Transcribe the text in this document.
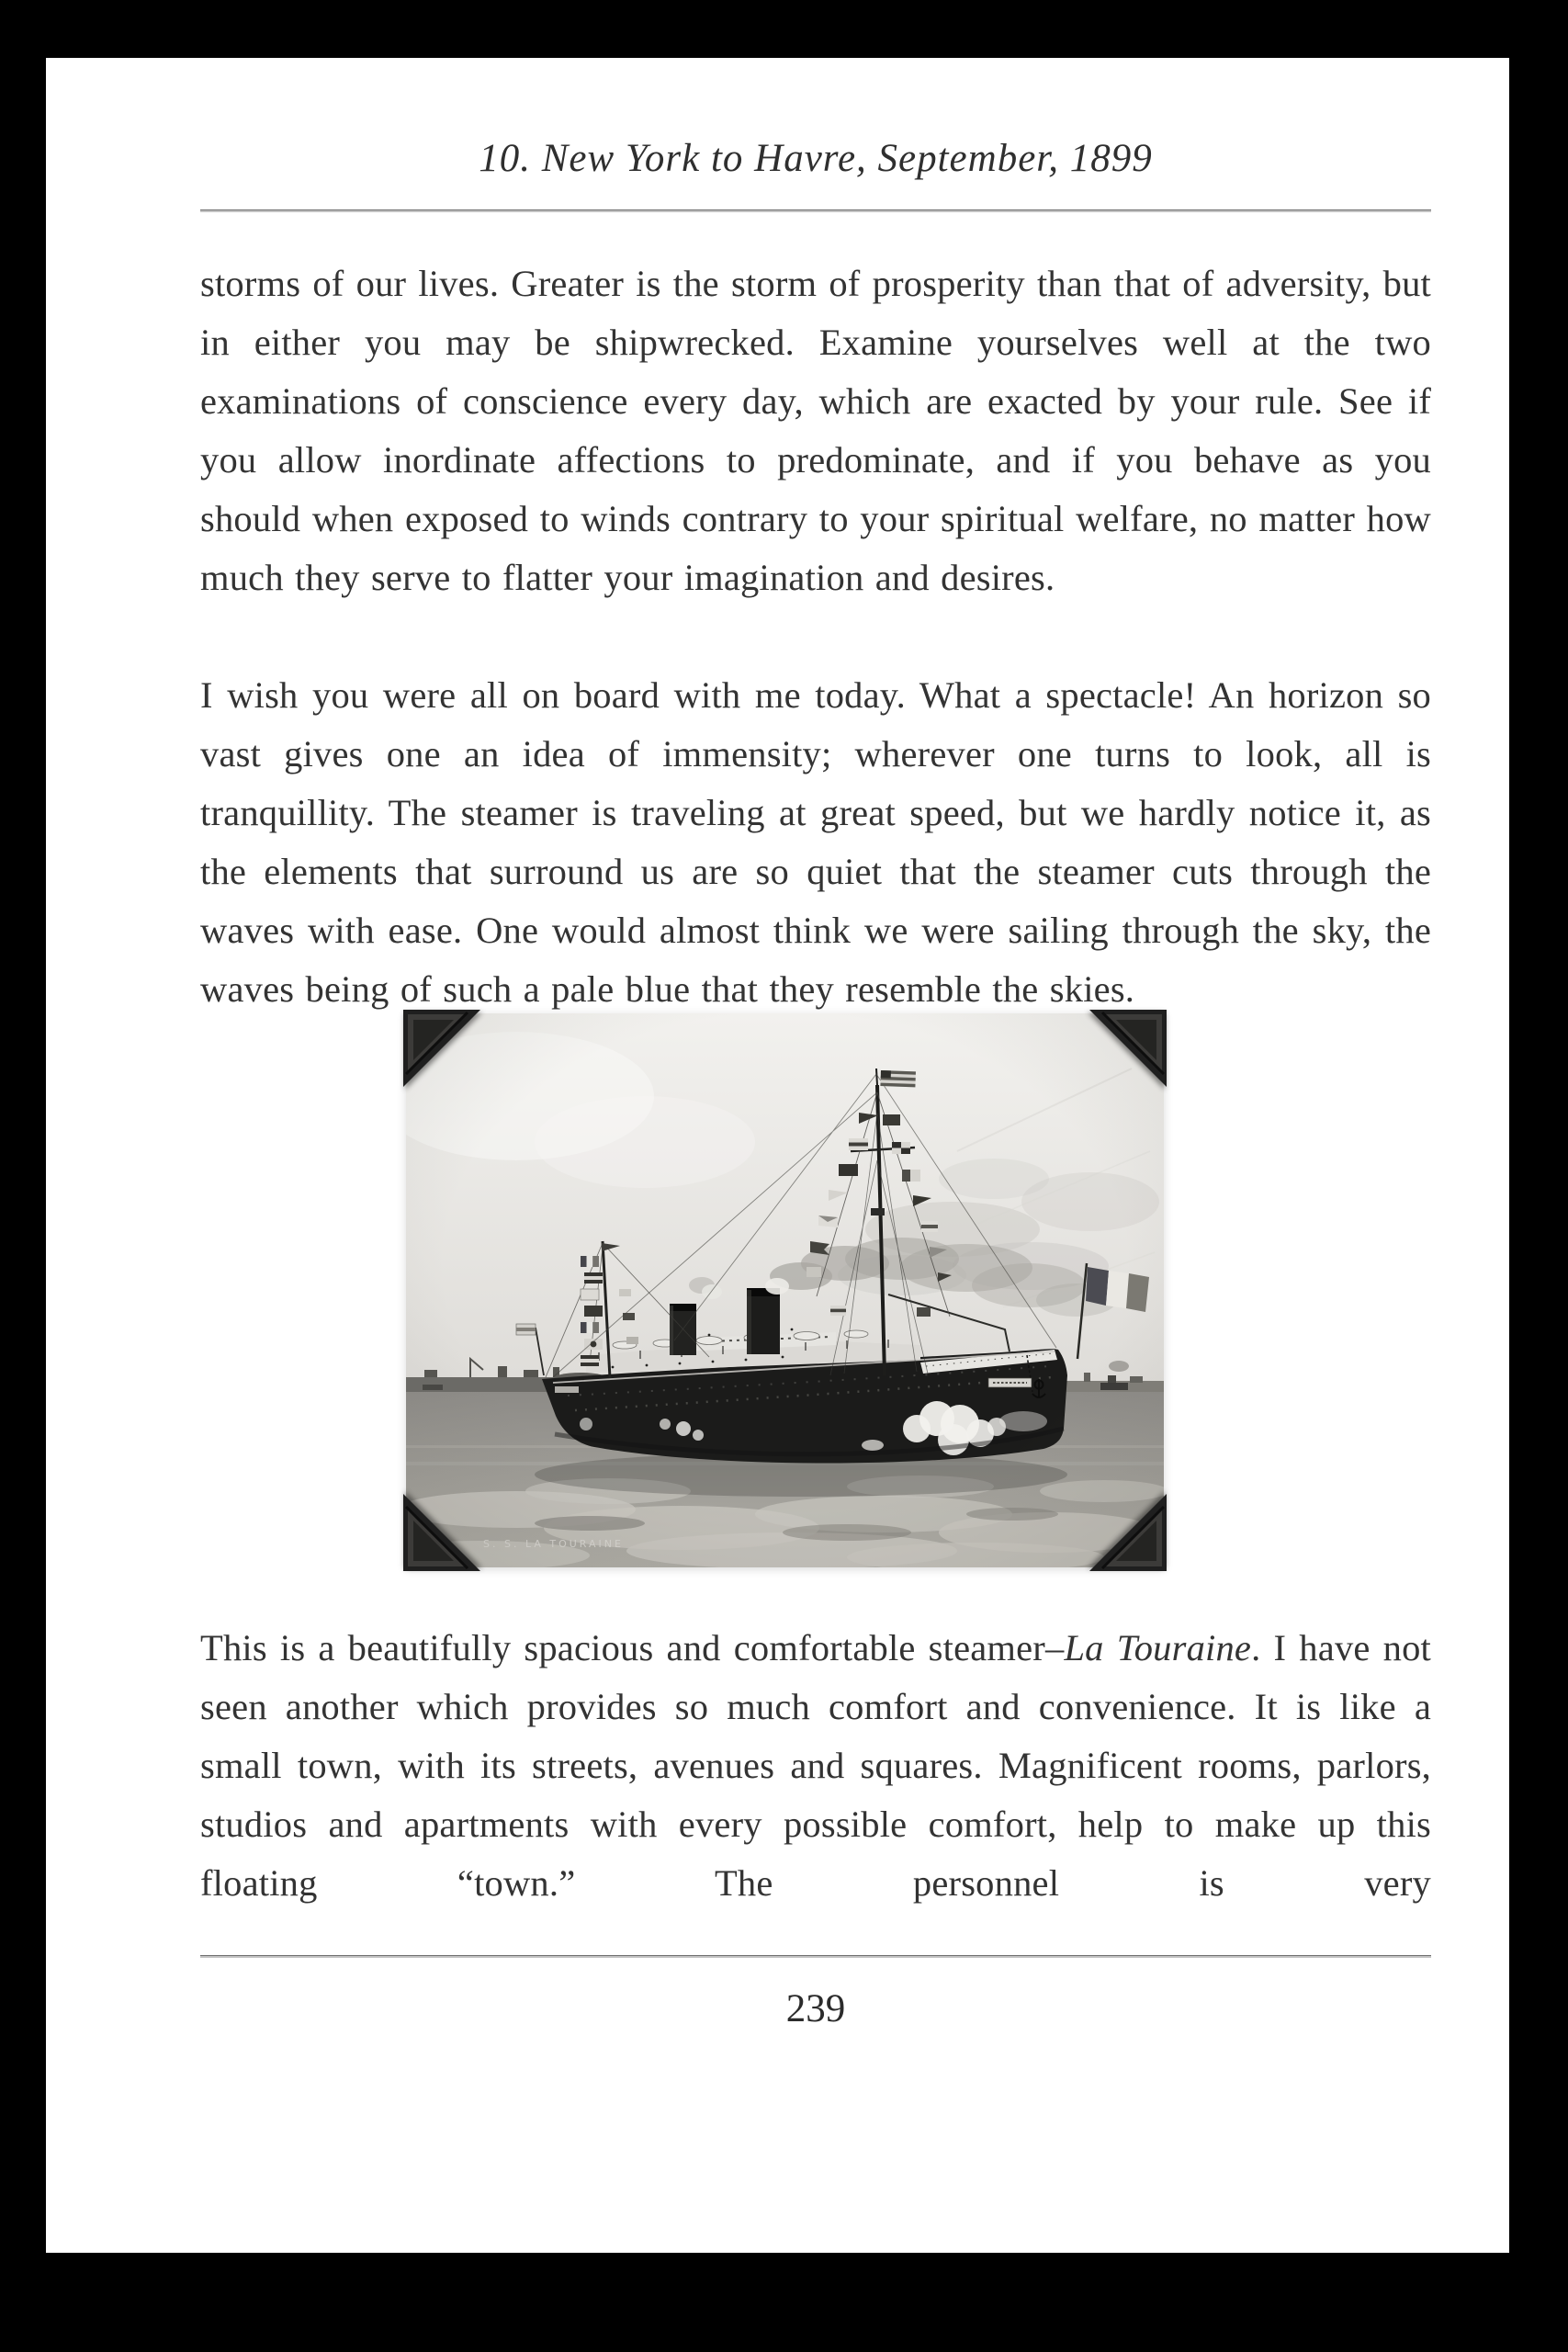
10. New York to Havre, September, 1899

storms of our lives. Greater is the storm of prosperity than that of adversity, but in either you may be shipwrecked. Examine yourselves well at the two examinations of conscience every day, which are exacted by your rule. See if you allow inordinate affections to predominate, and if you behave as you should when exposed to winds contrary to your spiritual welfare, no matter how much they serve to flatter your imagination and desires.

I wish you were all on board with me today. What a spectacle! An horizon so vast gives one an idea of immensity; wherever one turns to look, all is tranquillity. The steamer is traveling at great speed, but we hardly notice it, as the elements that surround us are so quiet that the steamer cuts through the waves with ease. One would almost think we were sailing through the sky, the waves being of such a pale blue that they resemble the skies.

This is a beautifully spacious and comfortable steamer–La Touraine. I have not seen another which provides so much comfort and convenience. It is like a small town, with its streets, avenues and squares. Magnificent rooms, parlors, studios and apartments with every possible comfort, help to make up this floating “town.” The personnel is very

239
